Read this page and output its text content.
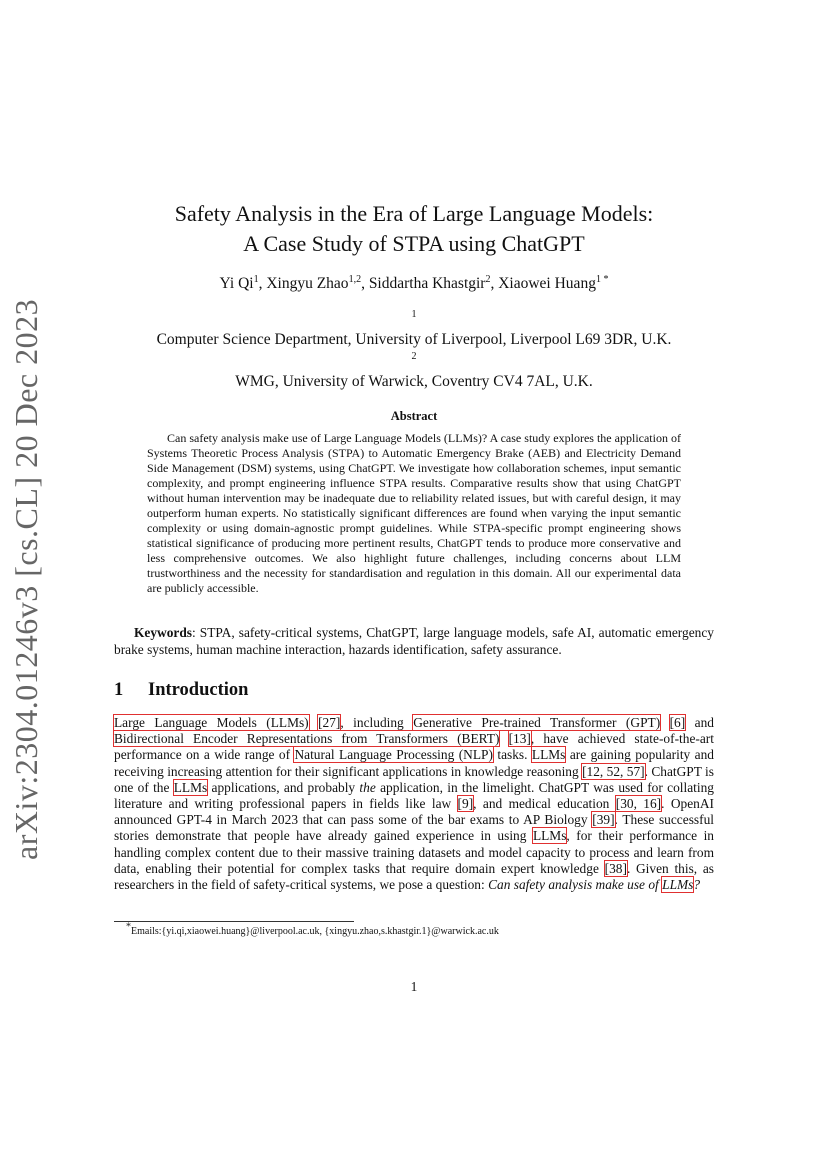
arXiv:2304.01246v3 [cs.CL] 20 Dec 2023
Safety Analysis in the Era of Large Language Models:
A Case Study of STPA using ChatGPT
Yi Qi$^1$, Xingyu Zhao$^{1,2}$, Siddartha Khastgir$^2$, Xiaowei Huang$^{1 *}$
$^1$
Computer Science Department, University of Liverpool, Liverpool L69 3DR, U.K.
$^2$
WMG, University of Warwick, Coventry CV4 7AL, U.K.
Abstract
Can safety analysis make use of Large Language Models (LLMs)? A case study explores the application of Systems Theoretic Process Analysis (STPA) to Automatic Emergency Brake (AEB) and Electricity Demand Side Management (DSM) systems, using ChatGPT. We investigate how collaboration schemes, input semantic complexity, and prompt engineering influence STPA results. Comparative results show that using ChatGPT without human intervention may be inadequate due to reliability related issues, but with careful design, it may outperform human experts. No statistically significant differences are found when varying the input semantic complexity or using domain-agnostic prompt guidelines. While STPA-specific prompt engineering shows statistical significance of producing more pertinent results, ChatGPT tends to produce more conservative and less comprehensive outcomes. We also highlight future challenges, including concerns about LLM trustworthiness and the necessity for standardisation and regulation in this domain. All our experimental data are publicly accessible.
Keywords: STPA, safety-critical systems, ChatGPT, large language models, safe AI, automatic emergency brake systems, human machine interaction, hazards identification, safety assurance.
1 Introduction
Large Language Models (LLMs) [27], including Generative Pre-trained Transformer (GPT) [6] and Bidirectional Encoder Representations from Transformers (BERT) [13], have achieved state-of-the-art performance on a wide range of Natural Language Processing (NLP) tasks. LLMs are gaining popularity and receiving increasing attention for their significant applications in knowledge reasoning [12, 52, 57]. ChatGPT is one of the LLMs applications, and probably the application, in the limelight. ChatGPT was used for collating literature and writing professional papers in fields like law [9], and medical education [30, 16]. OpenAI announced GPT-4 in March 2023 that can pass some of the bar exams to AP Biology [39]. These successful stories demonstrate that people have already gained experience in using LLMs, for their performance in handling complex content due to their massive training datasets and model capacity to process and learn from data, enabling their potential for complex tasks that require domain expert knowledge [38]. Given this, as researchers in the field of safety-critical systems, we pose a question: Can safety analysis make use of LLMs?
*Emails:{yi.qi,xiaowei.huang}@liverpool.ac.uk, {xingyu.zhao,s.khastgir.1}@warwick.ac.uk
1
